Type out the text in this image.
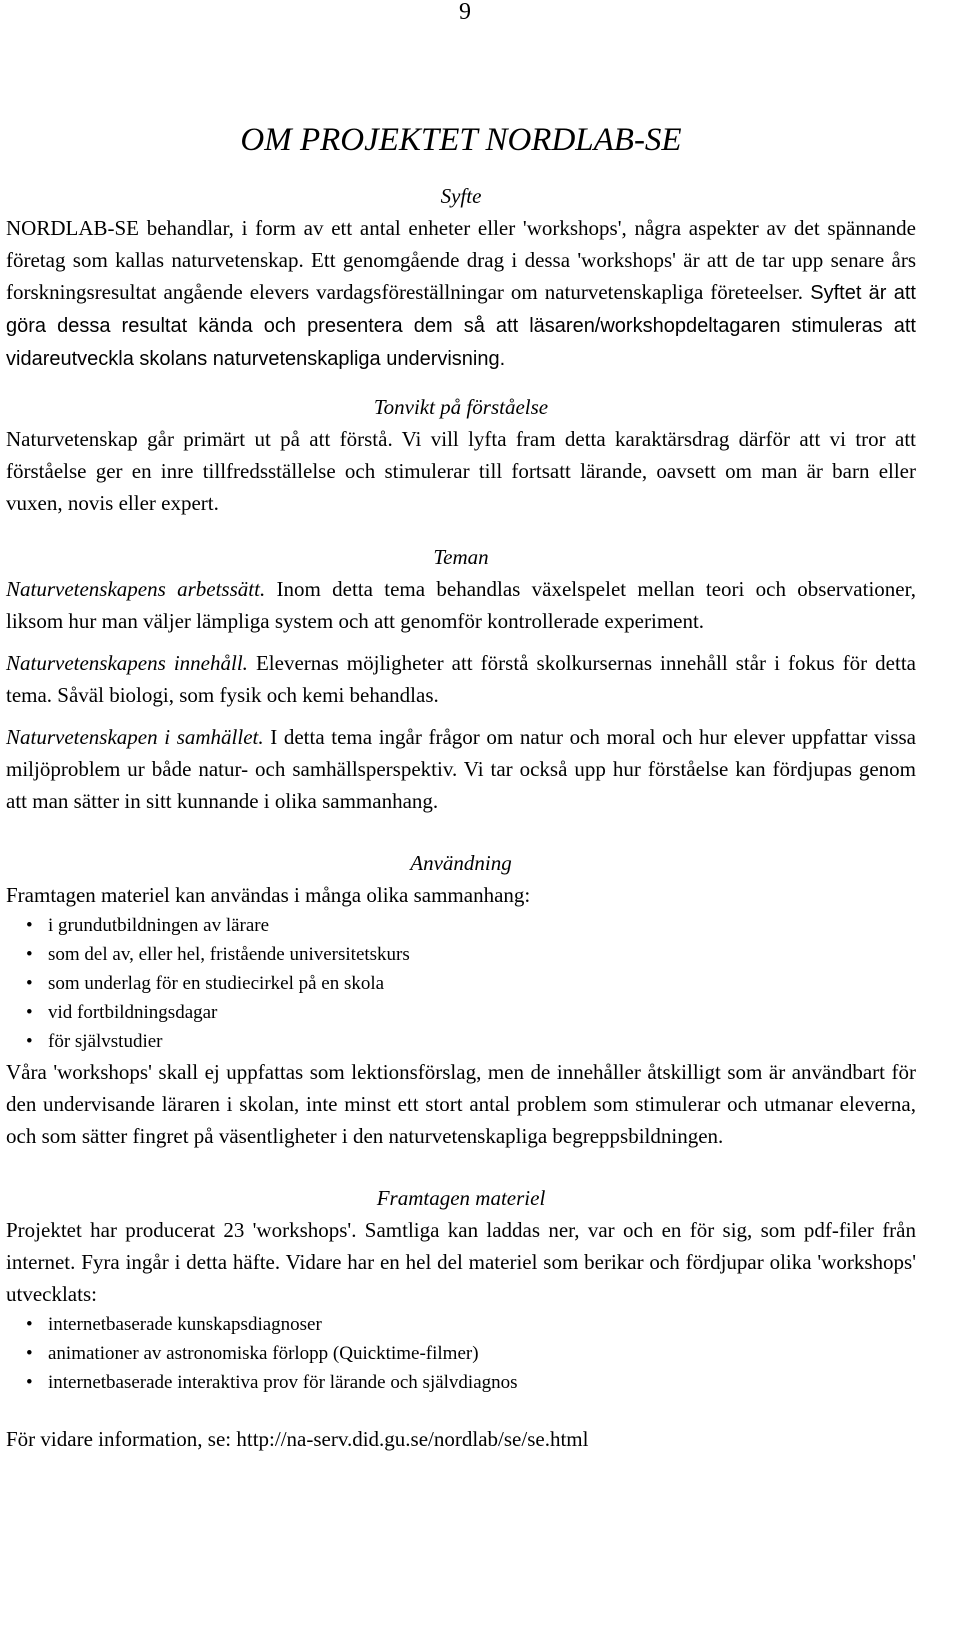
9
OM PROJEKTET NORDLAB-SE
Syfte

NORDLAB-SE behandlar, i form av ett antal enheter eller 'workshops', några aspekter av det spännande företag som kallas naturvetenskap. Ett genomgående drag i dessa 'workshops' är att de tar upp senare års forskningsresultat angående elevers vardagsföreställningar om naturvetenskapliga företeelser. Syftet är att göra dessa resultat kända och presentera dem så att läsaren/workshopdeltagaren stimuleras att vidareutveckla skolans naturvetenskapliga undervisning.

Tonvikt på förståelse

Naturvetenskap går primärt ut på att förstå. Vi vill lyfta fram detta karaktärsdrag därför att vi tror att förståelse ger en inre tillfredsställelse och stimulerar till fortsatt lärande, oavsett om man är barn eller vuxen, novis eller expert.

Teman

Naturvetenskapens arbetssätt. Inom detta tema behandlas växelspelet mellan teori och observationer, liksom hur man väljer lämpliga system och att genomför kontrollerade experiment.

Naturvetenskapens innehåll. Elevernas möjligheter att förstå skolkursernas innehåll står i fokus för detta tema. Såväl biologi, som fysik och kemi behandlas.

Naturvetenskapen i samhället. I detta tema ingår frågor om natur och moral och hur elever uppfattar vissa miljöproblem ur både natur- och samhällsperspektiv. Vi tar också upp hur förståelse kan fördjupas genom att man sätter in sitt kunnande i olika sammanhang.

Användning

Framtagen materiel kan användas i många olika sammanhang:

• i grundutbildningen av lärare
• som del av, eller hel, fristående universitetskurs
• som underlag för en studiecirkel på en skola
• vid fortbildningsdagar
• för självstudier

Våra 'workshops' skall ej uppfattas som lektionsförslag, men de innehåller åtskilligt som är användbart för den undervisande läraren i skolan, inte minst ett stort antal problem som stimulerar och utmanar eleverna, och som sätter fingret på väsentligheter i den naturvetenskapliga begreppsbildningen.

Framtagen materiel

Projektet har producerat 23 'workshops'. Samtliga kan laddas ner, var och en för sig, som pdf-filer från internet. Fyra ingår i detta häfte. Vidare har en hel del materiel som berikar och fördjupar olika 'workshops' utvecklats:

• internetbaserade kunskapsdiagnoser
• animationer av astronomiska förlopp (Quicktime-filmer)
• internetbaserade interaktiva prov för lärande och självdiagnos

För vidare information, se: http://na-serv.did.gu.se/nordlab/se/se.html
